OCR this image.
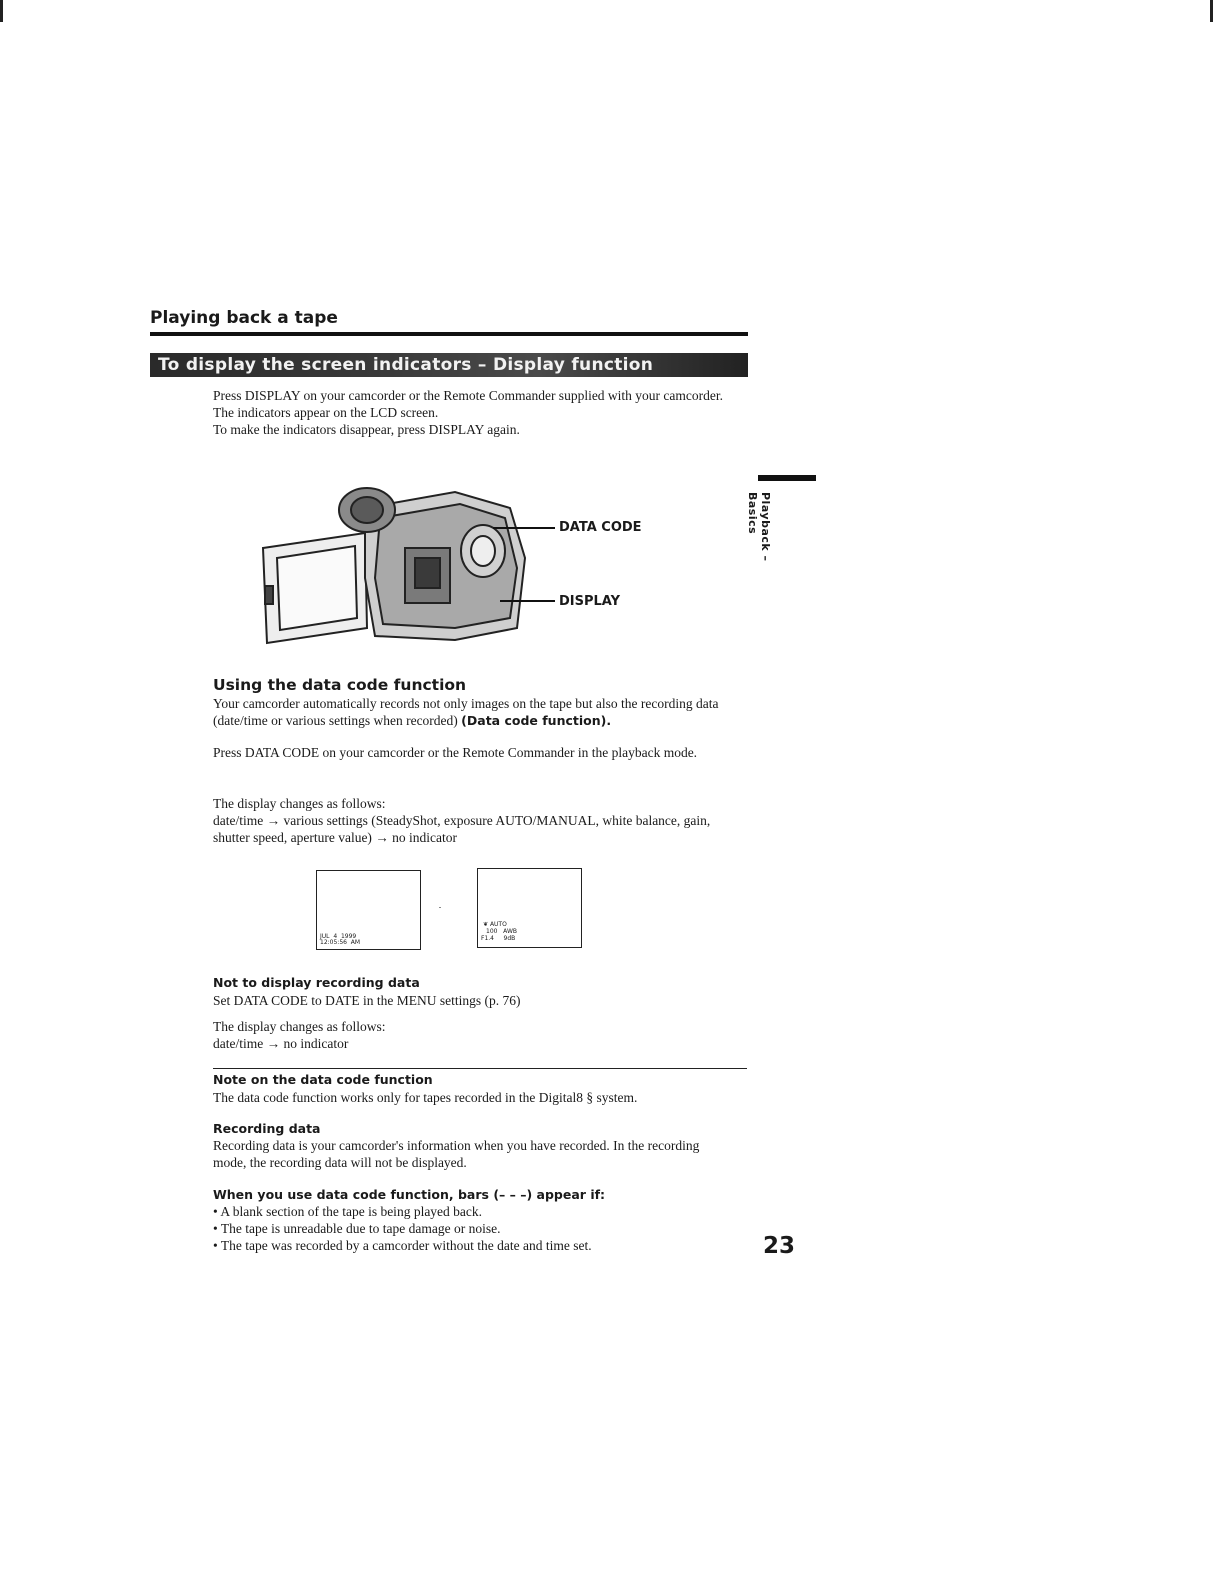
Playing back a tape
To display the screen indicators – Display function
Press DISPLAY on your camcorder or the Remote Commander supplied with your camcorder.
The indicators appear on the LCD screen.
To make the indicators disappear, press DISPLAY again.
DATA CODE
DISPLAY
Playback – Basics
Using the data code function
Your camcorder automatically records not only images on the tape but also the recording data (date/time or various settings when recorded) (Data code function).
Press DATA CODE on your camcorder or the Remote Commander in the playback mode.
The display changes as follows:
date/time → various settings (SteadyShot, exposure AUTO/MANUAL, white balance, gain, shutter speed, aperture value) → no indicator
JUL  4  1999
12:05:56  AM
❦ AUTO
100   AWB
F1.4     9dB
Not to display recording data
Set DATA CODE to DATE in the MENU settings (p. 76)
The display changes as follows:
date/time → no indicator
Note on the data code function
The data code function works only for tapes recorded in the Digital8 § system.
Recording data
Recording data is your camcorder's information when you have recorded. In the recording mode, the recording data will not be displayed.
When you use data code function, bars (– – –) appear if:
• A blank section of the tape is being played back.
• The tape is unreadable due to tape damage or noise.
• The tape was recorded by a camcorder without the date and time set.	23
